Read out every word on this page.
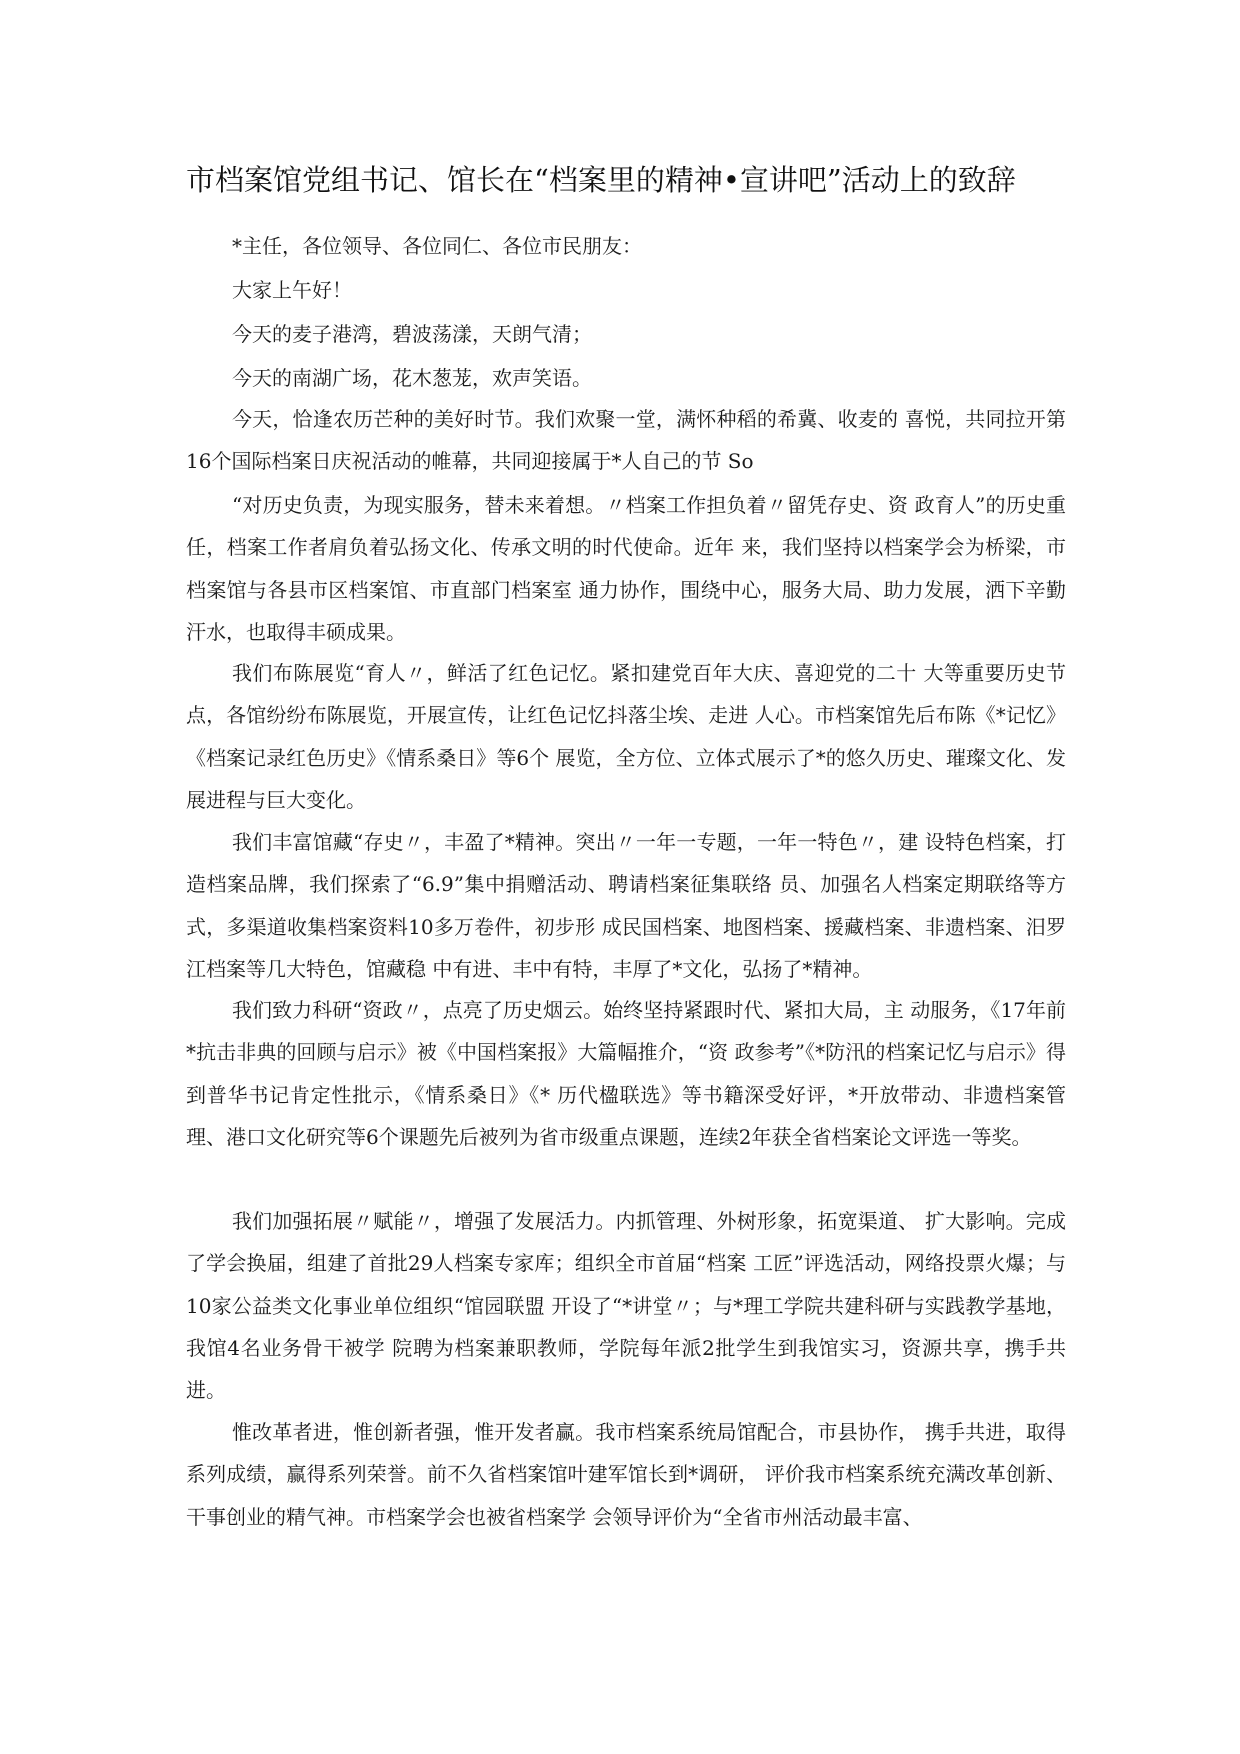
市档案馆党组书记、馆长在“档案里的精神•宣讲吧”活动上的致辞
*主任，各位领导、各位同仁、各位市民朋友：
大家上午好！
今天的麦子港湾，碧波荡漾，天朗气清；
今天的南湖广场，花木葱茏，欢声笑语。

今天，恰逢农历芒种的美好时节。我们欢聚一堂，满怀种稻的希冀、收麦的 喜悦，共同拉开第16个国际档案日庆祝活动的帷幕，共同迎接属于*人自己的节 So

“对历史负责，为现实服务，替未来着想。〃档案工作担负着〃留凭存史、资 政育人”的历史重任，档案工作者肩负着弘扬文化、传承文明的时代使命。近年 来，我们坚持以档案学会为桥梁，市档案馆与各县市区档案馆、市直部门档案室 通力协作，围绕中心，服务大局、助力发展，洒下辛勤汗水，也取得丰硕成果。

我们布陈展览“育人〃，鲜活了红色记忆。紧扣建党百年大庆、喜迎党的二十 大等重要历史节点，各馆纷纷布陈展览，开展宣传，让红色记忆抖落尘埃、走进 人心。市档案馆先后布陈《*记忆》《档案记录红色历史》《情系桑日》等6个 展览，全方位、立体式展示了*的悠久历史、璀璨文化、发展进程与巨大变化。

我们丰富馆藏“存史〃，丰盈了*精神。突出〃一年一专题，一年一特色〃，建 设特色档案，打造档案品牌，我们探索了“6.9”集中捐赠活动、聘请档案征集联络 员、加强名人档案定期联络等方式，多渠道收集档案资料10多万卷件，初步形 成民国档案、地图档案、援藏档案、非遗档案、汨罗江档案等几大特色，馆藏稳 中有进、丰中有特，丰厚了*文化，弘扬了*精神。

我们致力科研“资政〃，点亮了历史烟云。始终坚持紧跟时代、紧扣大局，主 动服务，《17年前*抗击非典的回顾与启示》被《中国档案报》大篇幅推介，“资 政参考”《*防汛的档案记忆与启示》得到普华书记肯定性批示，《情系桑日》《* 历代楹联选》等书籍深受好评，*开放带动、非遗档案管理、港口文化研究等6个课题先后被列为省市级重点课题，连续2年获全省档案论文评选一等奖。

我们加强拓展〃赋能〃，增强了发展活力。内抓管理、外树形象，拓宽渠道、 扩大影响。完成了学会换届，组建了首批29人档案专家库；组织全市首届“档案 工匠”评选活动，网络投票火爆；与10家公益类文化事业单位组织“馆园联盟 开设了“*讲堂〃；与*理工学院共建科研与实践教学基地，我馆4名业务骨干被学 院聘为档案兼职教师，学院每年派2批学生到我馆实习，资源共享，携手共进。

惟改革者进，惟创新者强，惟开发者赢。我市档案系统局馆配合，市县协作， 携手共进，取得系列成绩，赢得系列荣誉。前不久省档案馆叶建军馆长到*调研， 评价我市档案系统充满改革创新、干事创业的精气神。市档案学会也被省档案学 会领导评价为“全省市州活动最丰富、
